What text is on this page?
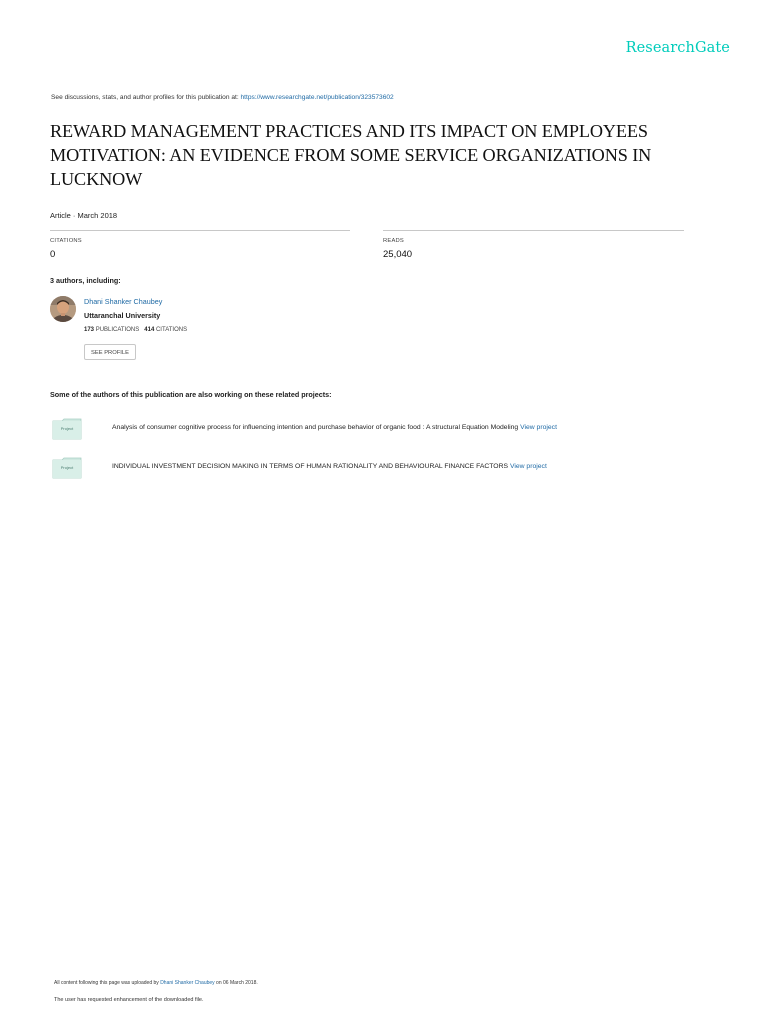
ResearchGate
See discussions, stats, and author profiles for this publication at: https://www.researchgate.net/publication/323573602
REWARD MANAGEMENT PRACTICES AND ITS IMPACT ON EMPLOYEES MOTIVATION: AN EVIDENCE FROM SOME SERVICE ORGANIZATIONS IN LUCKNOW
Article · March 2018
CITATIONS
0
READS
25,040
3 authors, including:
Dhani Shanker Chaubey
Uttaranchal University
173 PUBLICATIONS 414 CITATIONS
SEE PROFILE
Some of the authors of this publication are also working on these related projects:
Project	Analysis of consumer cognitive process for influencing intention and purchase behavior of organic food : A structural Equation Modeling View project
Project	INDIVIDUAL INVESTMENT DECISION MAKING IN TERMS OF HUMAN RATIONALITY AND BEHAVIOURAL FINANCE FACTORS View project
All content following this page was uploaded by Dhani Shanker Chaubey on 06 March 2018.
The user has requested enhancement of the downloaded file.
